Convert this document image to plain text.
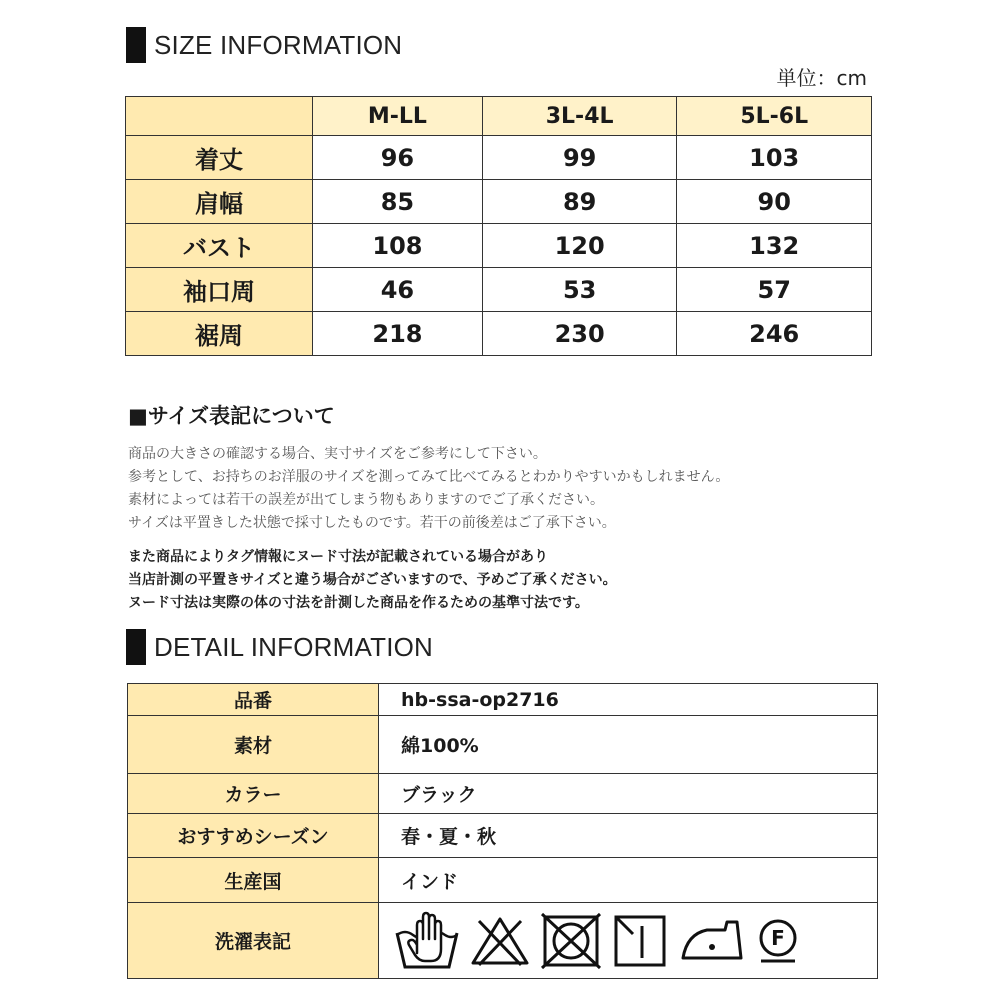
SIZE INFORMATION
単位：cm
	M-LL	3L-4L	5L-6L
着丈	96	99	103
肩幅	85	89	90
バスト	108	120	132
袖口周	46	53	57
裾周	218	230	246
■サイズ表記について
商品の大きさの確認する場合、実寸サイズをご参考にして下さい。
参考として、お持ちのお洋服のサイズを測ってみて比べてみるとわかりやすいかもしれません。
素材によっては若干の誤差が出てしまう物もありますのでご了承ください。
サイズは平置きした状態で採寸したものです。若干の前後差はご了承下さい。
また商品によりタグ情報にヌード寸法が記載されている場合があり
当店計測の平置きサイズと違う場合がございますので、予めご了承ください。
ヌード寸法は実際の体の寸法を計測した商品を作るための基準寸法です。
DETAIL INFORMATION
品番	hb-ssa-op2716
素材	綿100%
カラー	ブラック
おすすめシーズン	春・夏・秋
生産国	インド
洗濯表記	F
